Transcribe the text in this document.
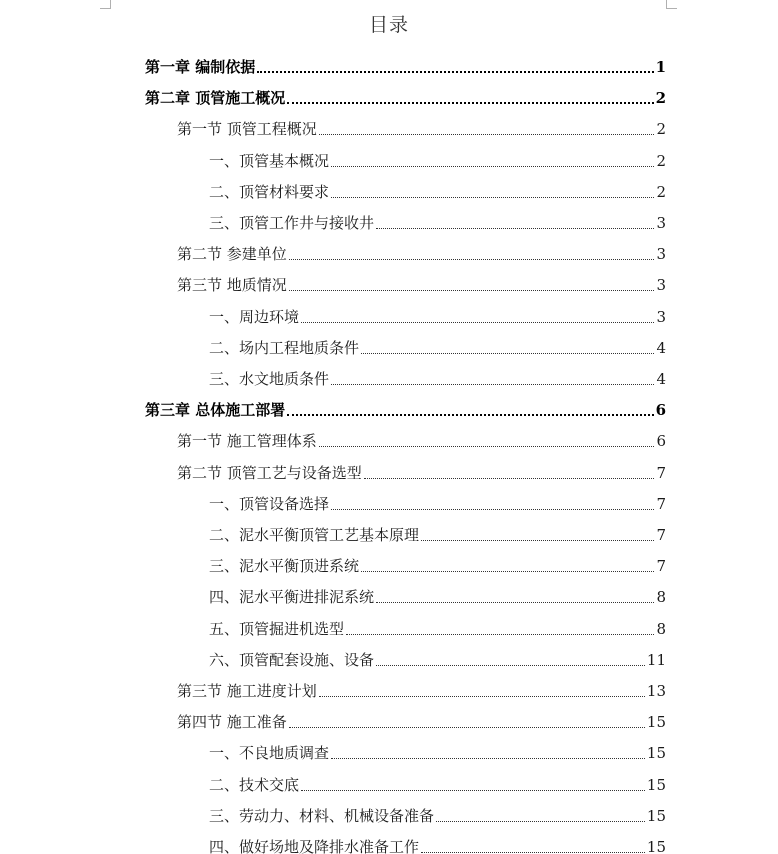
目录
第一章 编制依据	1
第二章 顶管施工概况	2
第一节 顶管工程概况	2
一、顶管基本概况	2
二、顶管材料要求	2
三、顶管工作井与接收井	3
第二节 参建单位	3
第三节 地质情况	3
一、周边环境	3
二、场内工程地质条件	4
三、水文地质条件	4
第三章 总体施工部署	6
第一节 施工管理体系	6
第二节 顶管工艺与设备选型	7
一、顶管设备选择	7
二、泥水平衡顶管工艺基本原理	7
三、泥水平衡顶进系统	7
四、泥水平衡进排泥系统	8
五、顶管掘进机选型	8
六、顶管配套设施、设备	11
第三节 施工进度计划	13
第四节 施工准备	15
一、不良地质调查	15
二、技术交底	15
三、劳动力、材料、机械设备准备	15
四、做好场地及降排水准备工作	15
